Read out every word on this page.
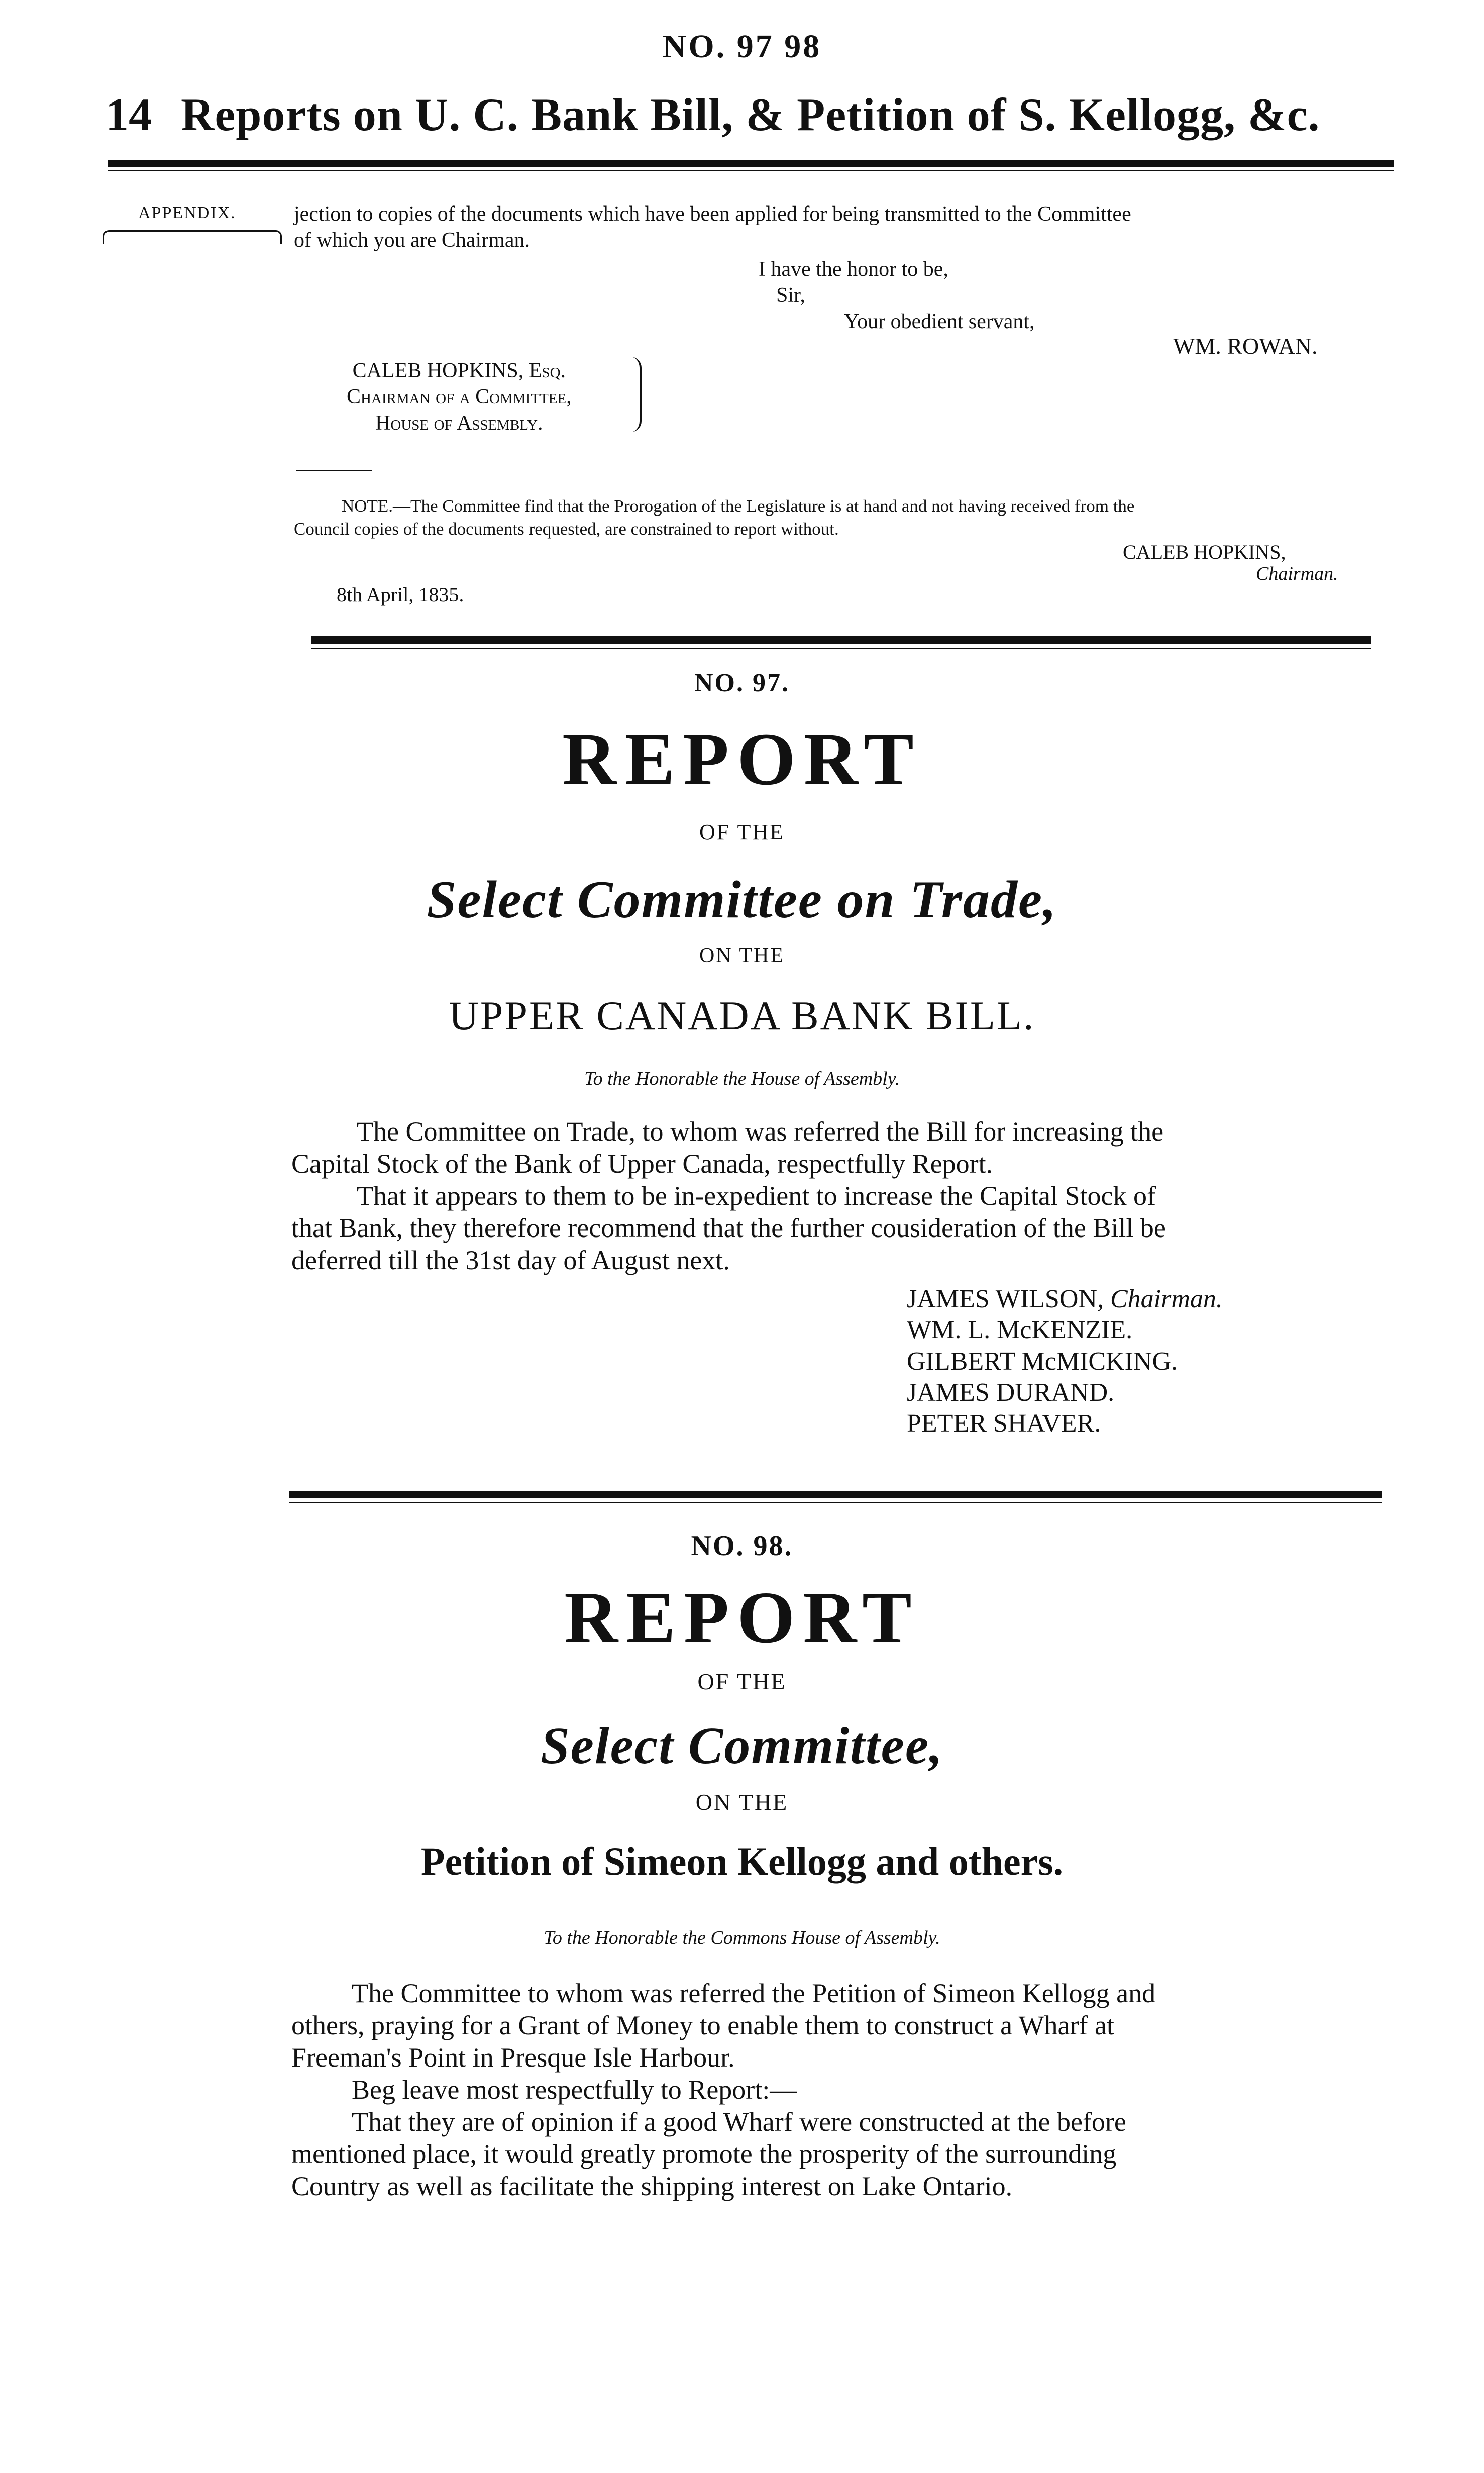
NO. 97 98
14 Reports on U. C. Bank Bill, & Petition of S. Kellogg, &c.
APPENDIX.	jection to copies of the documents which have been applied for being transmitted to the Committee
of which you are Chairman.
I have the honor to be,
Sir,
Your obedient servant,
WM. ROWAN.
CALEB HOPKINS, Esq.
Chairman of a Committee,
House of Assembly.
NOTE.—The Committee find that the Prorogation of the Legislature is at hand and not having received from the
Council copies of the documents requested, are constrained to report without.
CALEB HOPKINS,
Chairman.
8th April, 1835.
NO. 97.
REPORT
OF THE
Select Committee on Trade,
ON THE
UPPER CANADA BANK BILL.
To the Honorable the House of Assembly.
The Committee on Trade, to whom was referred the Bill for increasing the
Capital Stock of the Bank of Upper Canada, respectfully Report.
That it appears to them to be in-expedient to increase the Capital Stock of
that Bank, they therefore recommend that the further cousideration of the Bill be
deferred till the 31st day of August next.
JAMES WILSON, Chairman.
WM. L. McKENZIE.
GILBERT McMICKING.
JAMES DURAND.
PETER SHAVER.
NO. 98.
REPORT
OF THE
Select Committee,
ON THE
Petition of Simeon Kellogg and others.
To the Honorable the Commons House of Assembly.
The Committee to whom was referred the Petition of Simeon Kellogg and
others, praying for a Grant of Money to enable them to construct a Wharf at
Freeman's Point in Presque Isle Harbour.
Beg leave most respectfully to Report:—
That they are of opinion if a good Wharf were constructed at the before
mentioned place, it would greatly promote the prosperity of the surrounding
Country as well as facilitate the shipping interest on Lake Ontario.
